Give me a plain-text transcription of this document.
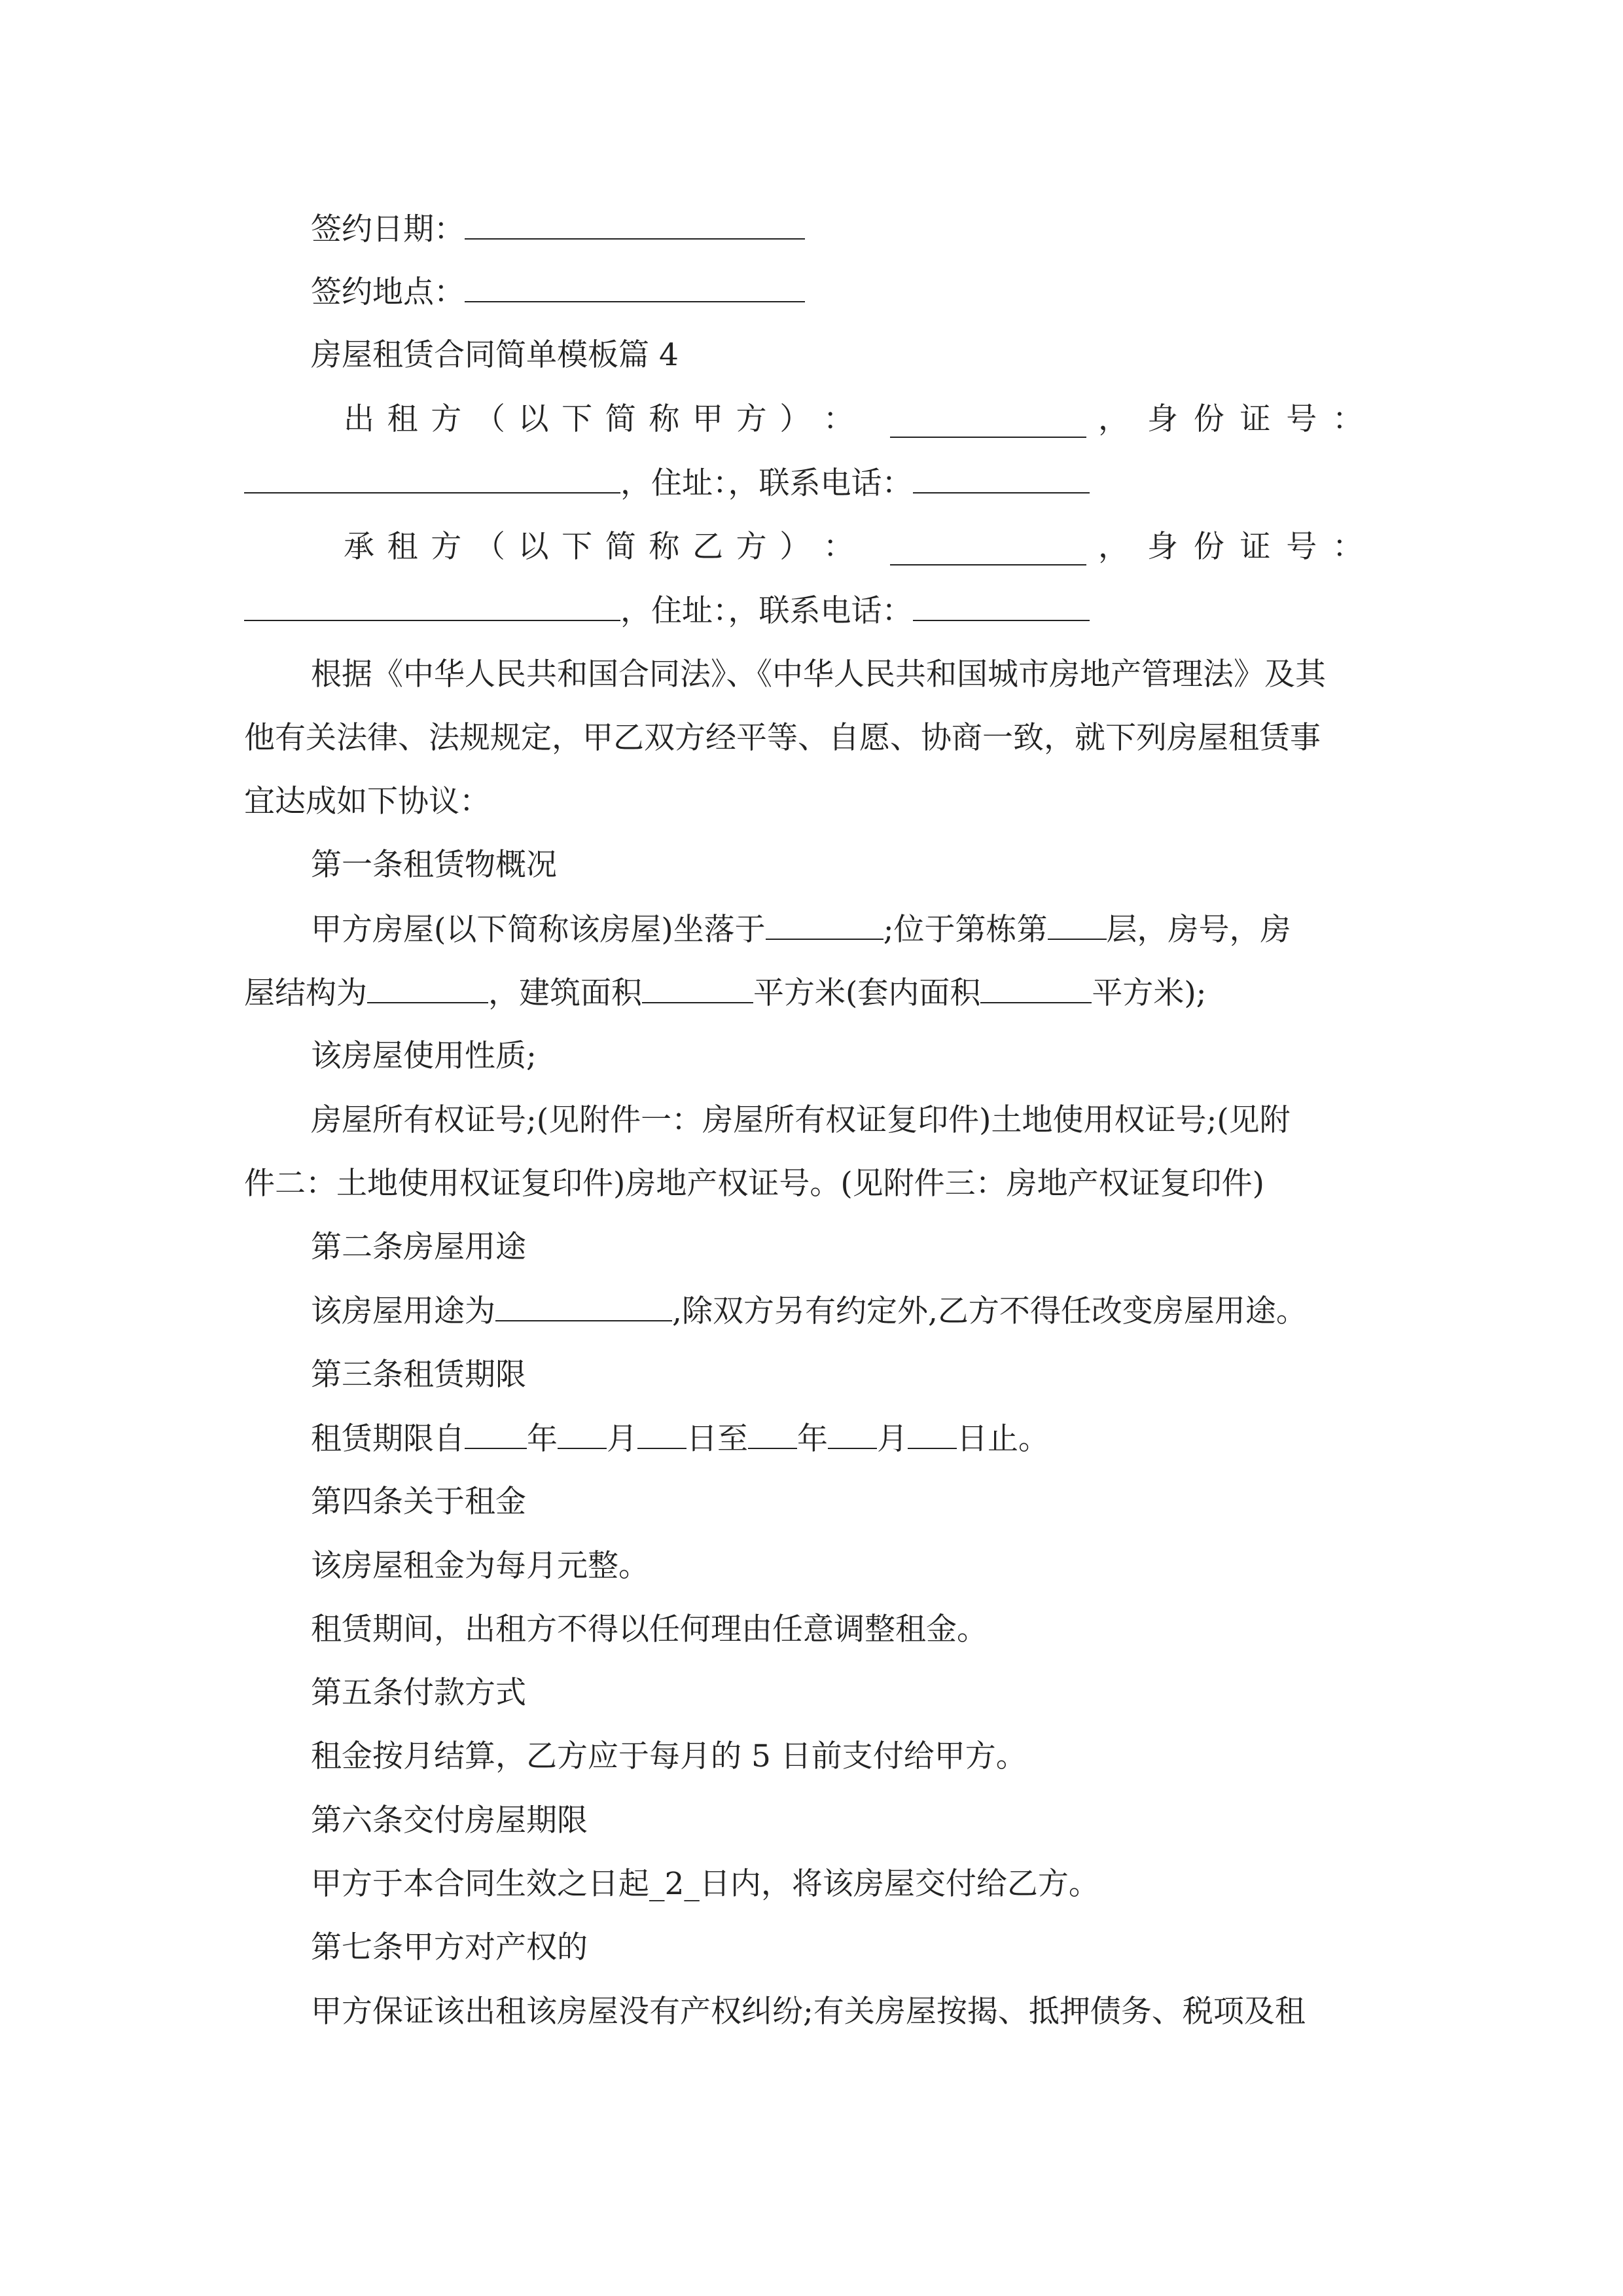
签约日期：
签约地点：
房屋租赁合同简单模板篇 4
出 租 方 （ 以 下 简 称 甲 方 ） ：	， 身 份 证 号 ：
，住址：，联系电话：
承 租 方 （ 以 下 简 称 乙 方 ） ：	， 身 份 证 号 ：
，住址：，联系电话：
根据《中华人民共和国合同法》、《中华人民共和国城市房地产管理法》及其
他有关法律、法规规定，甲乙双方经平等、自愿、协商一致，就下列房屋租赁事
宜达成如下协议：
第一条租赁物概况
甲方房屋(以下简称该房屋)坐落于	;位于第栋第 层，房号，房
屋结构为	，建筑面积	平方米(套内面积	平方米);
该房屋使用性质;
房屋所有权证号;(见附件一：房屋所有权证复印件)土地使用权证号;(见附
件二：土地使用权证复印件)房地产权证号。(见附件三：房地产权证复印件)
第二条房屋用途
该房屋用途为	,除双方另有约定外,乙方不得任改变房屋用途。
第三条租赁期限
租赁期限自 年 月 日至 年 月 日止。
第四条关于租金
该房屋租金为每月元整。
租赁期间，出租方不得以任何理由任意调整租金。
第五条付款方式
租金按月结算，乙方应于每月的 5 日前支付给甲方。
第六条交付房屋期限
甲方于本合同生效之日起_2_日内，将该房屋交付给乙方。
第七条甲方对产权的
甲方保证该出租该房屋没有产权纠纷;有关房屋按揭、抵押债务、税项及租
